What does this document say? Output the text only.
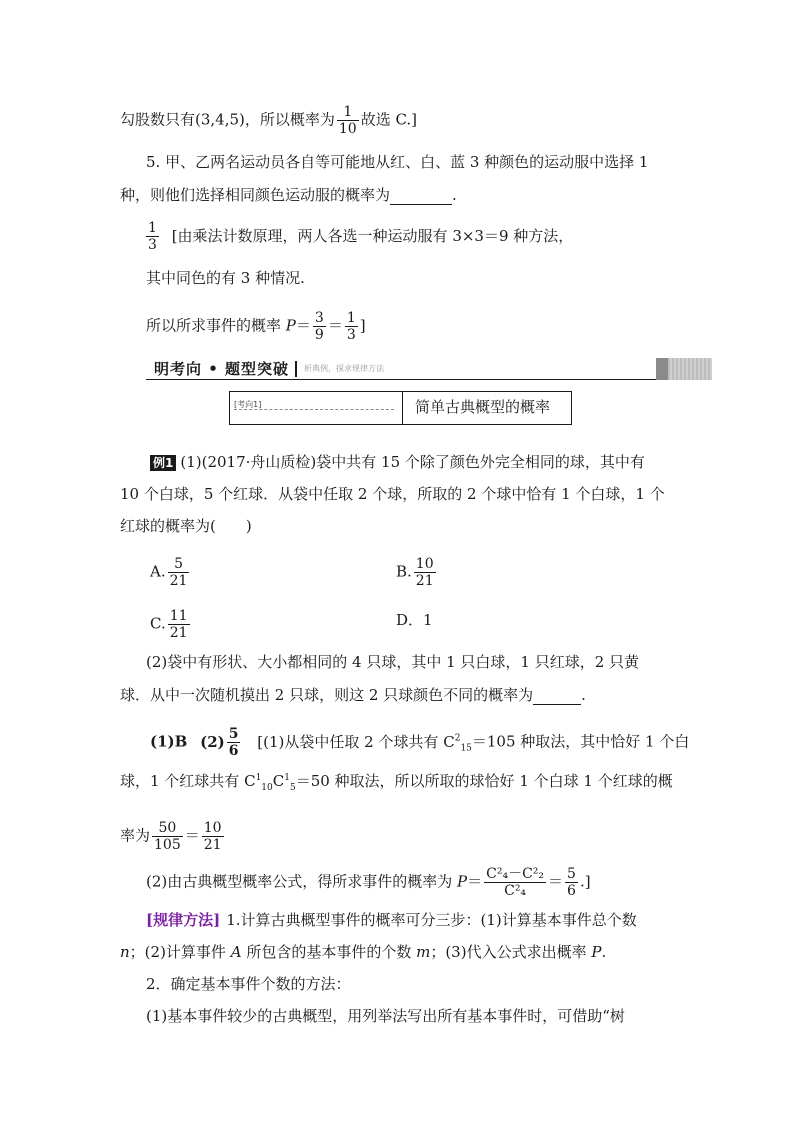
勾股数只有(3,4,5)，所以概率为 $\frac{1}{10}$ 故选 C.]
5. 甲、乙两名运动员各自等可能地从红、白、蓝 3 种颜色的运动服中选择 1
种，则他们选择相同颜色运动服的概率为	.
$\frac{1}{3}$ [由乘法计数原理，两人各选一种运动服有 3×3＝9 种方法，
其中同色的有 3 种情况.
所以所求事件的概率 $P= \frac{3}{9} = \frac{1}{3}$ ]
明考向 • 题型突破 析典例，探求规律方法
[考向1]	简单古典概型的概率
例1 (1)(2017·舟山质检)袋中共有 15 个除了颜色外完全相同的球，其中有
10 个白球，5 个红球．从袋中任取 2 个球，所取的 2 个球中恰有 1 个白球，1 个
红球的概率为(　　)
A. $\frac{5}{21}$	B. $\frac{10}{21}$
C. $\frac{11}{21}$	D．1
(2)袋中有形状、大小都相同的 4 只球，其中 1 只白球，1 只红球，2 只黄
球．从中一次随机摸出 2 只球，则这 2 只球颜色不同的概率为	.
(1)B $(2) \frac{5}{6} [(1)$从袋中任取 2 个球共有 $C^2_{15}=105$ 种取法，其中恰好 1 个白
球，1 个红球共有 $C^1_{10}C^1_5=50$ 种取法，所以所取的球恰好 1 个白球 1 个红球的概
率为 $\frac{50}{105} = \frac{10}{21}$
(2)由古典概型概率公式，得所求事件的概率为 $P= \frac{\text{C²₄－C²₂}}{\text{C²₄}} = \frac{5}{6}$ .]
[规律方法] 1.计算古典概型事件的概率可分三步：(1)计算基本事件总个数
n；(2)计算事件 A 所包含的基本事件的个数 m；(3)代入公式求出概率 P.
2．确定基本事件个数的方法：
(1)基本事件较少的古典概型，用列举法写出所有基本事件时，可借助“树
